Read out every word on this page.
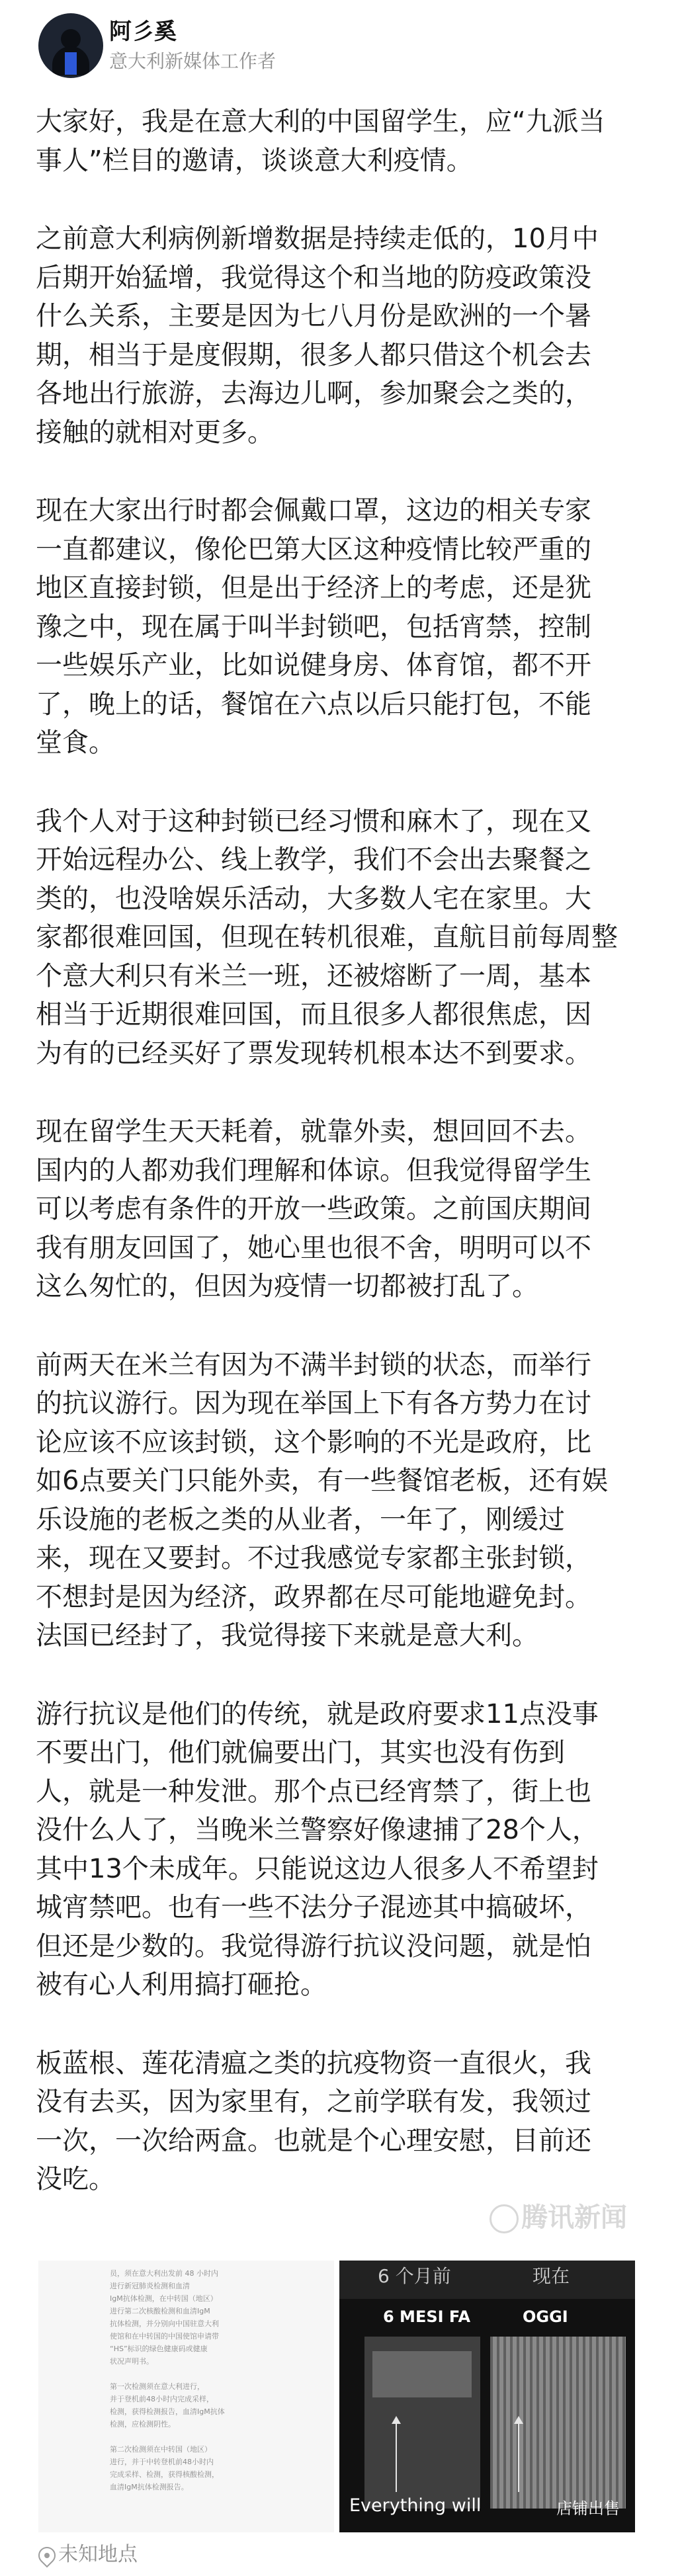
阿彡奚
意大利新媒体工作者

大家好，我是在意大利的中国留学生，应“九派当
事人”栏目的邀请，谈谈意大利疫情。

之前意大利病例新增数据是持续走低的，10月中
后期开始猛增，我觉得这个和当地的防疫政策没
什么关系，主要是因为七八月份是欧洲的一个暑
期，相当于是度假期，很多人都只借这个机会去
各地出行旅游，去海边儿啊，参加聚会之类的，
接触的就相对更多。

现在大家出行时都会佩戴口罩，这边的相关专家
一直都建议，像伦巴第大区这种疫情比较严重的
地区直接封锁，但是出于经济上的考虑，还是犹
豫之中，现在属于叫半封锁吧，包括宵禁，控制
一些娱乐产业，比如说健身房、体育馆，都不开
了，晚上的话，餐馆在六点以后只能打包，不能
堂食。

我个人对于这种封锁已经习惯和麻木了，现在又
开始远程办公、线上教学，我们不会出去聚餐之
类的，也没啥娱乐活动，大多数人宅在家里。大
家都很难回国，但现在转机很难，直航目前每周整
个意大利只有米兰一班，还被熔断了一周，基本
相当于近期很难回国，而且很多人都很焦虑，因
为有的已经买好了票发现转机根本达不到要求。

现在留学生天天耗着，就靠外卖，想回回不去。
国内的人都劝我们理解和体谅。但我觉得留学生
可以考虑有条件的开放一些政策。之前国庆期间
我有朋友回国了，她心里也很不舍，明明可以不
这么匆忙的，但因为疫情一切都被打乱了。

前两天在米兰有因为不满半封锁的状态，而举行
的抗议游行。因为现在举国上下有各方势力在讨
论应该不应该封锁，这个影响的不光是政府，比
如6点要关门只能外卖，有一些餐馆老板，还有娱
乐设施的老板之类的从业者，一年了，刚缓过
来，现在又要封。不过我感觉专家都主张封锁，
不想封是因为经济，政界都在尽可能地避免封。
法国已经封了，我觉得接下来就是意大利。

游行抗议是他们的传统，就是政府要求11点没事
不要出门，他们就偏要出门，其实也没有伤到
人，就是一种发泄。那个点已经宵禁了，街上也
没什么人了，当晚米兰警察好像逮捕了28个人，
其中13个未成年。只能说这边人很多人不希望封
城宵禁吧。也有一些不法分子混迹其中搞破坏，
但还是少数的。我觉得游行抗议没问题，就是怕
被有心人利用搞打砸抢。

板蓝根、莲花清瘟之类的抗疫物资一直很火，我
没有去买，因为家里有，之前学联有发，我领过
一次，一次给两盒。也就是个心理安慰，目前还
没吃。

腾讯新闻
员，须在意大利出发前 48 小时内
进行新冠肺炎检测和血清
IgM抗体检测，在中转国（地区）
进行第二次核酸检测和血清IgM
抗体检测，并分别向中国驻意大利
使馆和在中转国的中国使馆申请带
“HS”标识的绿色健康码或健康
状况声明书。

第一次检测须在意大利进行，
并于登机前48小时内完成采样，
检测，获得检测报告，血清IgM抗体
检测，应检测阴性。

第二次检测须在中转国（地区）
进行，并于中转登机前48小时内
完成采样、检测，获得核酸检测，
血清IgM抗体检测报告。
6 个月前	现在
6 MESI FA	OGGI
Everything will	店铺出售
未知地点
